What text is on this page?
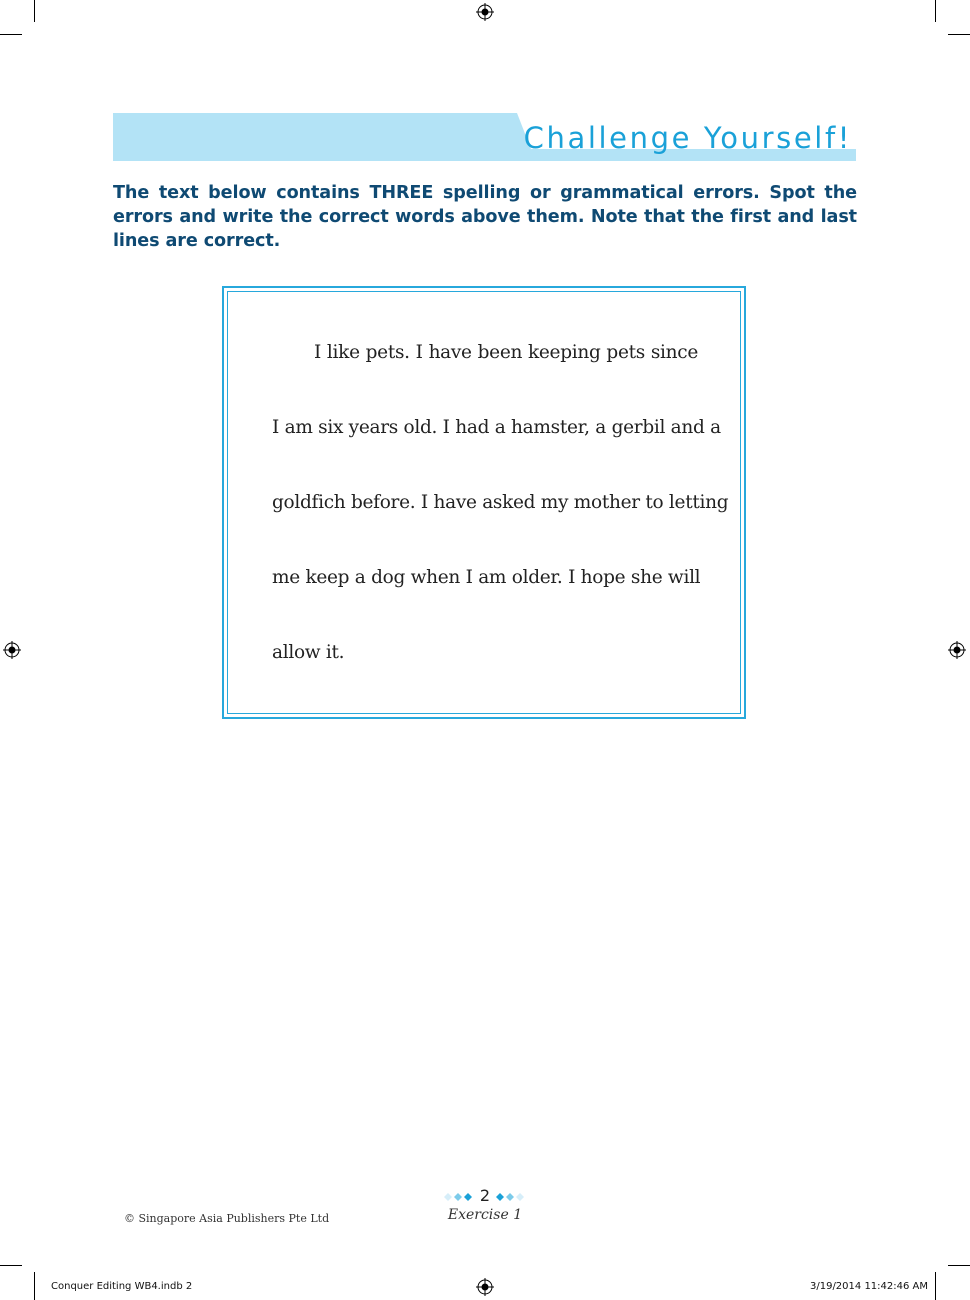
Challenge Yourself!
The text below contains THREE spelling or grammatical errors. Spot the errors and write the correct words above them. Note that the first and last lines are correct.
I like pets. I have been keeping pets since
I am six years old. I had a hamster, a gerbil and a
goldfich before. I have asked my mother to letting
me keep a dog when I am older. I hope she will
allow it.
2
Exercise 1
© Singapore Asia Publishers Pte Ltd
Conquer Editing WB4.indb 2	3/19/2014 11:42:46 AM
